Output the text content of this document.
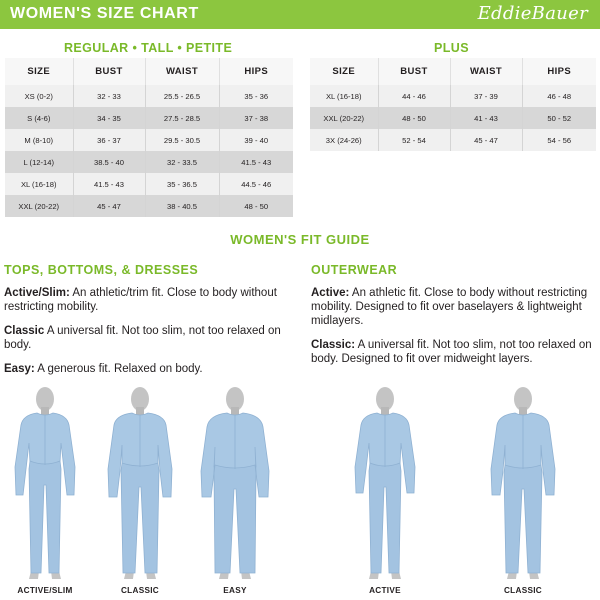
WOMEN'S SIZE CHART	EddieBauer
REGULAR • TALL • PETITE
SIZE	BUST	WAIST	HIPS
XS (0-2)	32 - 33	25.5 - 26.5	35 - 36
S (4-6)	34 - 35	27.5 - 28.5	37 - 38
M (8-10)	36 - 37	29.5 - 30.5	39 - 40
L (12-14)	38.5 - 40	32 - 33.5	41.5 - 43
XL (16-18)	41.5 - 43	35 - 36.5	44.5 - 46
XXL (20-22)	45 - 47	38 - 40.5	48 - 50
PLUS
SIZE	BUST	WAIST	HIPS
XL (16-18)	44 - 46	37 - 39	46 - 48
XXL (20-22)	48 - 50	41 - 43	50 - 52
3X (24-26)	52 - 54	45 - 47	54 - 56
WOMEN'S FIT GUIDE
TOPS, BOTTOMS, & DRESSES

Active/Slim: An athletic/trim fit. Close to body without restricting mobility.

Classic A universal fit. Not too slim, not too relaxed on body.

Easy: A generous fit. Relaxed on body.

OUTERWEAR

Active: An athletic fit. Close to body without restricting mobility. Designed to fit over baselayers & lightweight midlayers.

Classic: A universal fit. Not too slim, not too relaxed on body. Designed to fit over midweight layers.

ACTIVE/SLIM	CLASSIC	EASY	ACTIVE	CLASSIC
